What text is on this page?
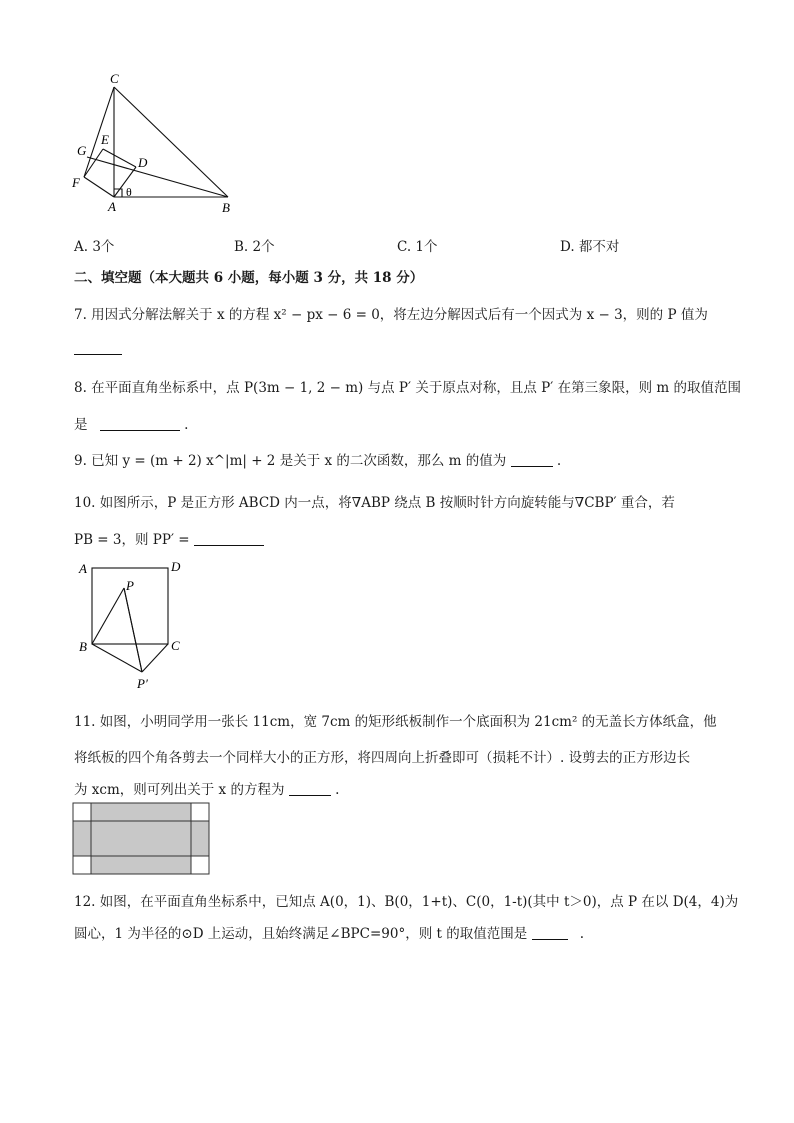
C
E
G
D
F
θ
A	B
A. 3个	B. 2个	C. 1个	D. 都不对
二、填空题（本大题共 6 小题，每小题 3 分，共 18 分）
7. 用因式分解法解关于 x 的方程 x² − px − 6 = 0，将左边分解因式后有一个因式为 x − 3，则的 P 值为
8. 在平面直角坐标系中，点 P(3m − 1, 2 − m) 与点 P′ 关于原点对称，且点 P′ 在第三象限，则 m 的取值范围
是	.
9. 已知 y = (m + 2) x^|m| + 2 是关于 x 的二次函数，那么 m 的值为	.
10. 如图所示，P 是正方形 ABCD 内一点，将∇ABP 绕点 B 按顺时针方向旋转能与∇CBP′ 重合，若
PB = 3，则 PP′ =
A	D
P
B	C
P′
11. 如图，小明同学用一张长 11cm，宽 7cm 的矩形纸板制作一个底面积为 21cm² 的无盖长方体纸盒，他
将纸板的四个角各剪去一个同样大小的正方形，将四周向上折叠即可（损耗不计）. 设剪去的正方形边长
为 xcm，则可列出关于 x 的方程为	.
12. 如图，在平面直角坐标系中，已知点 A(0，1)、B(0，1+t)、C(0，1-t)(其中 t＞0)，点 P 在以 D(4，4)为
圆心，1 为半径的⊙D 上运动，且始终满足∠BPC=90°，则 t 的取值范围是	.
